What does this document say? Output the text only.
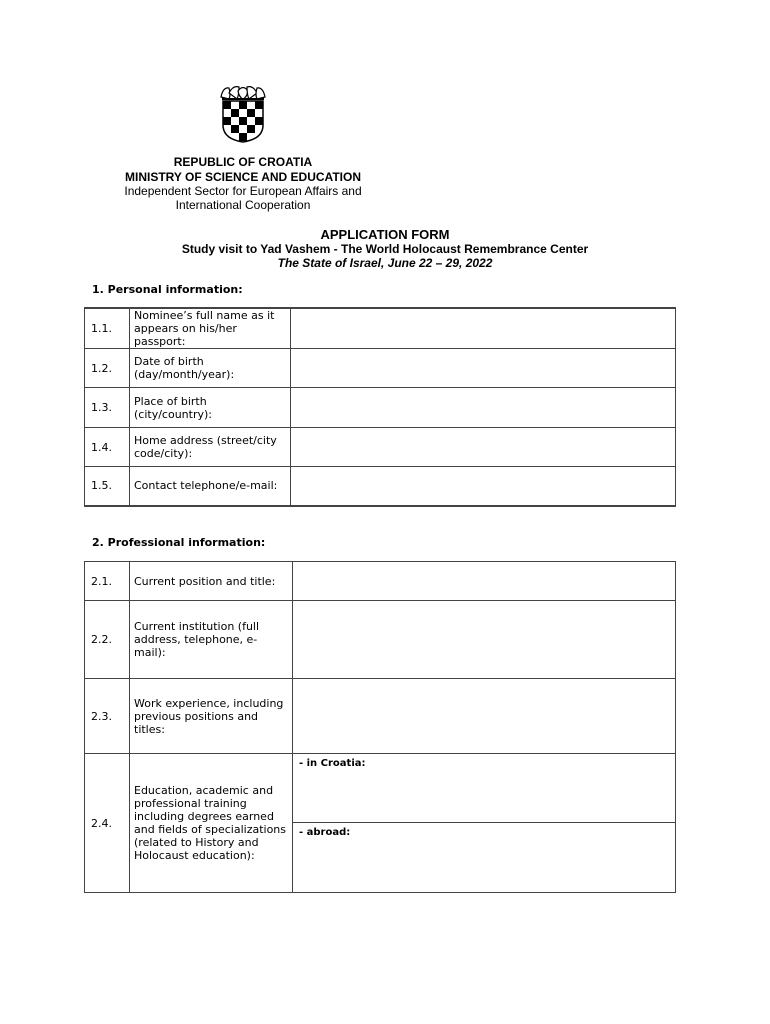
REPUBLIC OF CROATIA
MINISTRY OF SCIENCE AND EDUCATION
Independent Sector for European Affairs and
International Cooperation
APPLICATION FORM
Study visit to Yad Vashem - The World Holocaust Remembrance Center
The State of Israel, June 22 – 29, 2022
1. Personal information:
1.1.	Nominee’s full name as it appears on his/her passport:	
1.2.	Date of birth (day/month/year):	
1.3.	Place of birth (city/country):	
1.4.	Home address (street/city code/city):	
1.5.	Contact telephone/e-mail:	
2. Professional information:
2.1.	Current position and title:	
2.2.	Current institution (full address, telephone, e-mail):	
2.3.	Work experience, including previous positions and titles:	
2.4.	Education, academic and professional training including degrees earned and fields of specializations (related to History and Holocaust education):	- in Croatia:
- abroad:
